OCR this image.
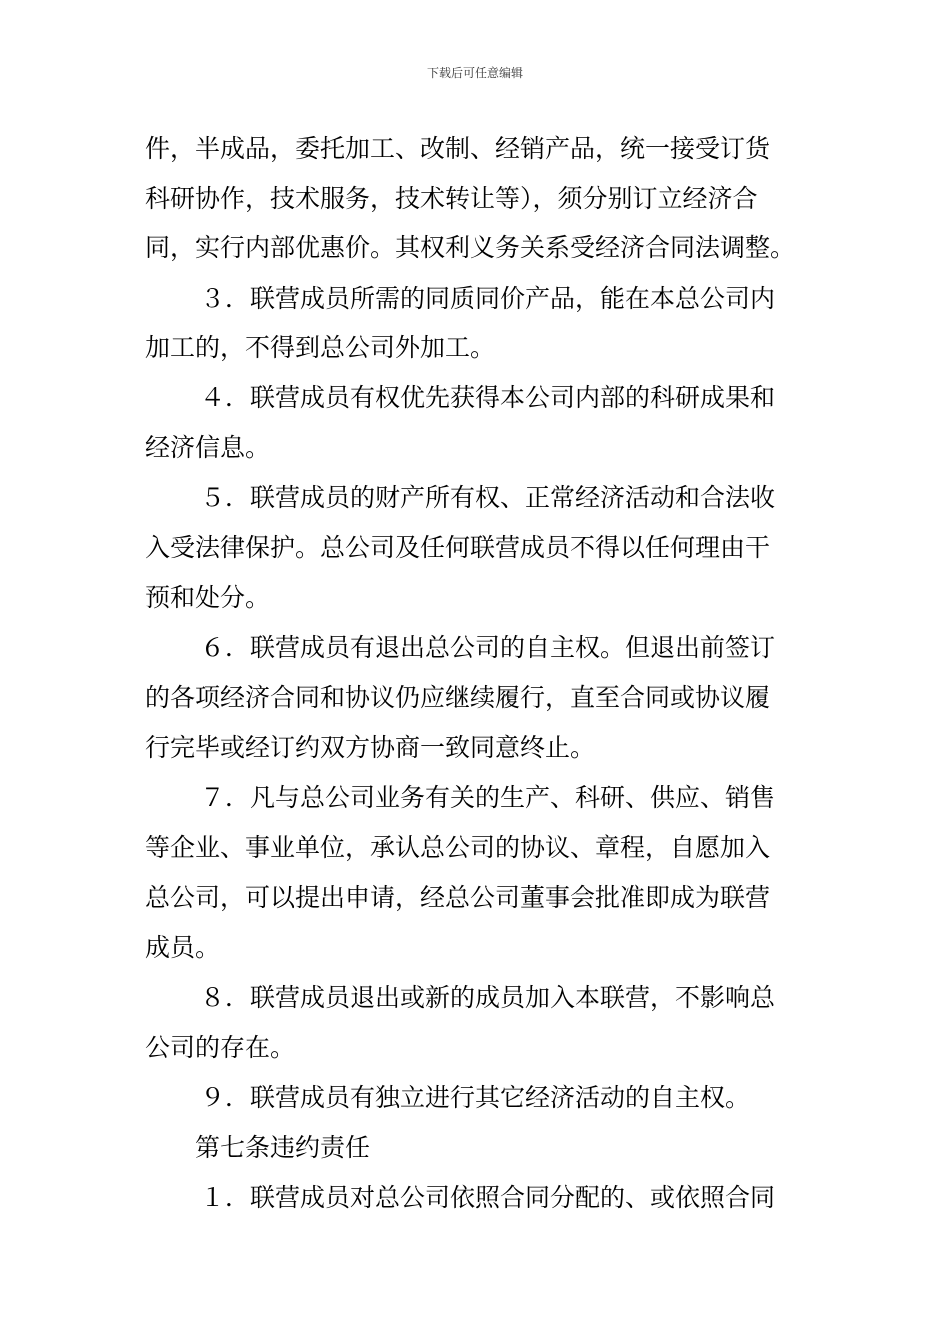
下载后可任意编辑
件，半成品，委托加工、改制、经销产品，统一接受订货
科研协作，技术服务，技术转让等），须分别订立经济合
同，实行内部优惠价。其权利义务关系受经济合同法调整。
３．联营成员所需的同质同价产品，能在本总公司内
加工的，不得到总公司外加工。
４．联营成员有权优先获得本公司内部的科研成果和
经济信息。
５．联营成员的财产所有权、正常经济活动和合法收
入受法律保护。总公司及任何联营成员不得以任何理由干
预和处分。
６．联营成员有退出总公司的自主权。但退出前签订
的各项经济合同和协议仍应继续履行，直至合同或协议履
行完毕或经订约双方协商一致同意终止。
７．凡与总公司业务有关的生产、科研、供应、销售
等企业、事业单位，承认总公司的协议、章程，自愿加入
总公司，可以提出申请，经总公司董事会批准即成为联营
成员。
８．联营成员退出或新的成员加入本联营，不影响总
公司的存在。
９．联营成员有独立进行其它经济活动的自主权。
第七条违约责任
１．联营成员对总公司依照合同分配的、或依照合同
